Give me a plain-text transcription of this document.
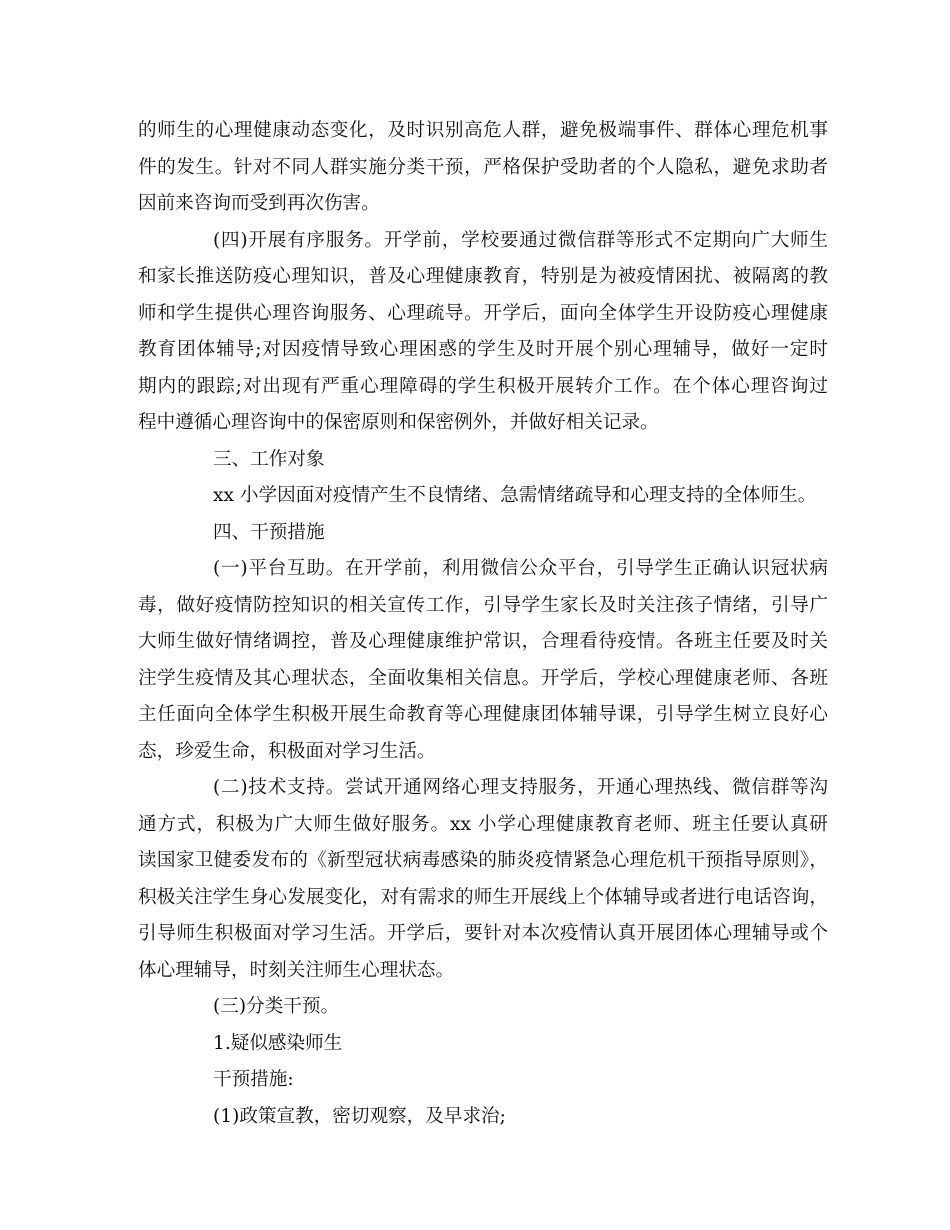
的师生的心理健康动态变化，及时识别高危人群，避免极端事件、群体心理危机事
件的发生。针对不同人群实施分类干预，严格保护受助者的个人隐私，避免求助者
因前来咨询而受到再次伤害。
(四)开展有序服务。开学前，学校要通过微信群等形式不定期向广大师生
和家长推送防疫心理知识，普及心理健康教育，特别是为被疫情困扰、被隔离的教
师和学生提供心理咨询服务、心理疏导。开学后，面向全体学生开设防疫心理健康
教育团体辅导;对因疫情导致心理困惑的学生及时开展个别心理辅导，做好一定时
期内的跟踪;对出现有严重心理障碍的学生积极开展转介工作。在个体心理咨询过
程中遵循心理咨询中的保密原则和保密例外，并做好相关记录。
三、工作对象
xx 小学因面对疫情产生不良情绪、急需情绪疏导和心理支持的全体师生。
四、干预措施
(一)平台互助。在开学前，利用微信公众平台，引导学生正确认识冠状病
毒，做好疫情防控知识的相关宣传工作，引导学生家长及时关注孩子情绪，引导广
大师生做好情绪调控，普及心理健康维护常识，合理看待疫情。各班主任要及时关
注学生疫情及其心理状态，全面收集相关信息。开学后，学校心理健康老师、各班
主任面向全体学生积极开展生命教育等心理健康团体辅导课，引导学生树立良好心
态，珍爱生命，积极面对学习生活。
(二)技术支持。尝试开通网络心理支持服务，开通心理热线、微信群等沟
通方式，积极为广大师生做好服务。xx 小学心理健康教育老师、班主任要认真研
读国家卫健委发布的《新型冠状病毒感染的肺炎疫情紧急心理危机干预指导原则》，
积极关注学生身心发展变化，对有需求的师生开展线上个体辅导或者进行电话咨询，
引导师生积极面对学习生活。开学后，要针对本次疫情认真开展团体心理辅导或个
体心理辅导，时刻关注师生心理状态。
(三)分类干预。
1.疑似感染师生
干预措施:
(1)政策宣教，密切观察，及早求治;
